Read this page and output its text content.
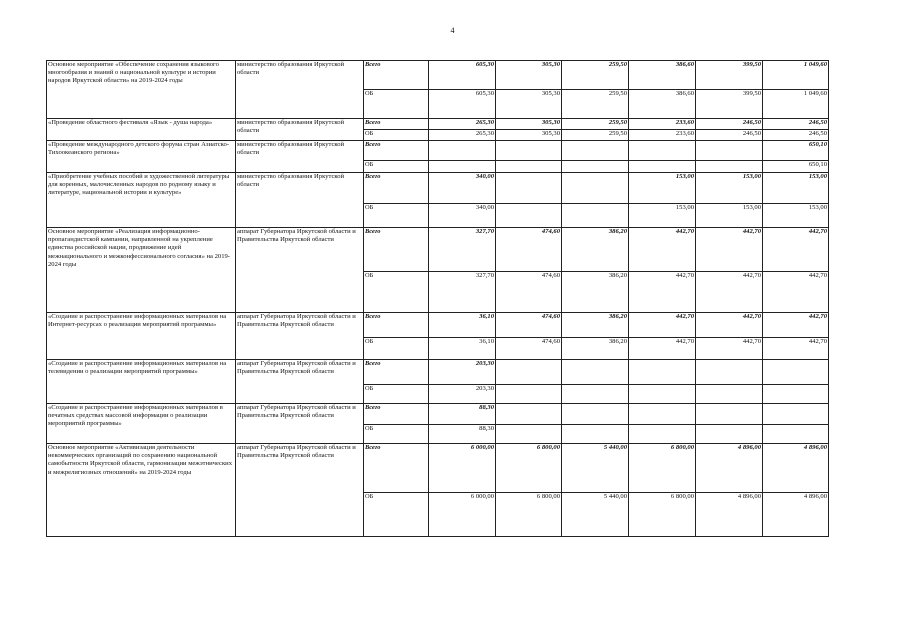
4
Основное мероприятие «Обеспечение сохранения языкового многообразия и знаний о национальной культуре и истории народов Иркутской области» на 2019-2024 годы	министерство образования Иркутской области	Всего	605,30	305,30	259,50	386,60	399,50	1 049,60
		ОБ	605,30	305,30	259,50	386,60	399,50	1 049,60
«Проведение областного фестиваля «Язык - душа народа»	министерство образования Иркутской области	Всего	265,30	305,30	259,50	233,60	246,50	246,50
		ОБ	265,30	305,30	259,50	233,60	246,50	246,50
«Проведение международного детского форума стран Азиатско-Тихоокеанского региона»	министерство образования Иркутской области	Всего						650,10
		ОБ						650,10
«Приобретение учебных пособий и художественной литературы для коренных, малочисленных народов по родному языку и литературе, национальной истории и культуре»	министерство образования Иркутской области	Всего	340,00			153,00	153,00	153,00
		ОБ	340,00			153,00	153,00	153,00
Основное мероприятие «Реализация информационно-пропагандистской кампании, направленной на укрепление единства российской нации, продвижение идей межнационального и межконфессионального согласия» на 2019-2024 годы	аппарат Губернатора Иркутской области и Правительства Иркутской области	Всего	327,70	474,60	386,20	442,70	442,70	442,70
		ОБ	327,70	474,60	386,20	442,70	442,70	442,70
«Создание и распространение информационных материалов на Интернет-ресурсах о реализации мероприятий программы»	аппарат Губернатора Иркутской области и Правительства Иркутской области	Всего	36,10	474,60	386,20	442,70	442,70	442,70
		ОБ	36,10	474,60	386,20	442,70	442,70	442,70
«Создание и распространение информационных материалов на телевидении о реализации мероприятий программы»	аппарат Губернатора Иркутской области и Правительства Иркутской области	Всего	203,30					
		ОБ	203,30					
«Создание и распространение информационных материалов в печатных средствах массовой информации о реализации мероприятий программы»	аппарат Губернатора Иркутской области и Правительства Иркутской области	Всего	88,30					
		ОБ	88,30					
Основное мероприятие «Активизация деятельности некоммерческих организаций по сохранению национальной самобытности Иркутской области, гармонизации межэтнических и межрелигиозных отношений» на 2019-2024 годы	аппарат Губернатора Иркутской области и Правительства Иркутской области	Всего	6 000,00	6 800,00	5 440,00	6 800,00	4 896,00	4 896,00
		ОБ	6 000,00	6 800,00	5 440,00	6 800,00	4 896,00	4 896,00
